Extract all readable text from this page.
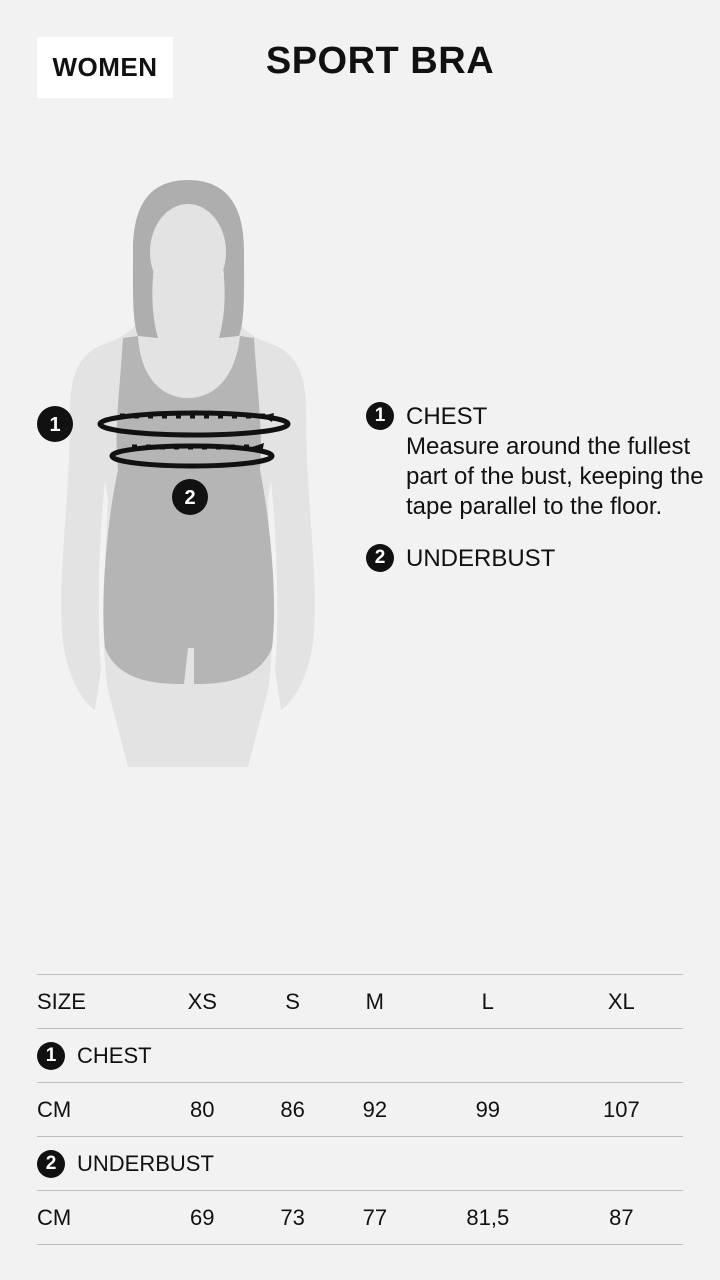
WOMEN	SPORT BRA
1
2
1 CHEST
Measure around the fullest part of the bust, keeping the tape parallel to the floor.
2 UNDERBUST
SIZE	XS	S	M	L	XL

1 CHEST					

CM	80	86	92	99	107

2 UNDERBUST					

CM	69	73	77	81,5	87
